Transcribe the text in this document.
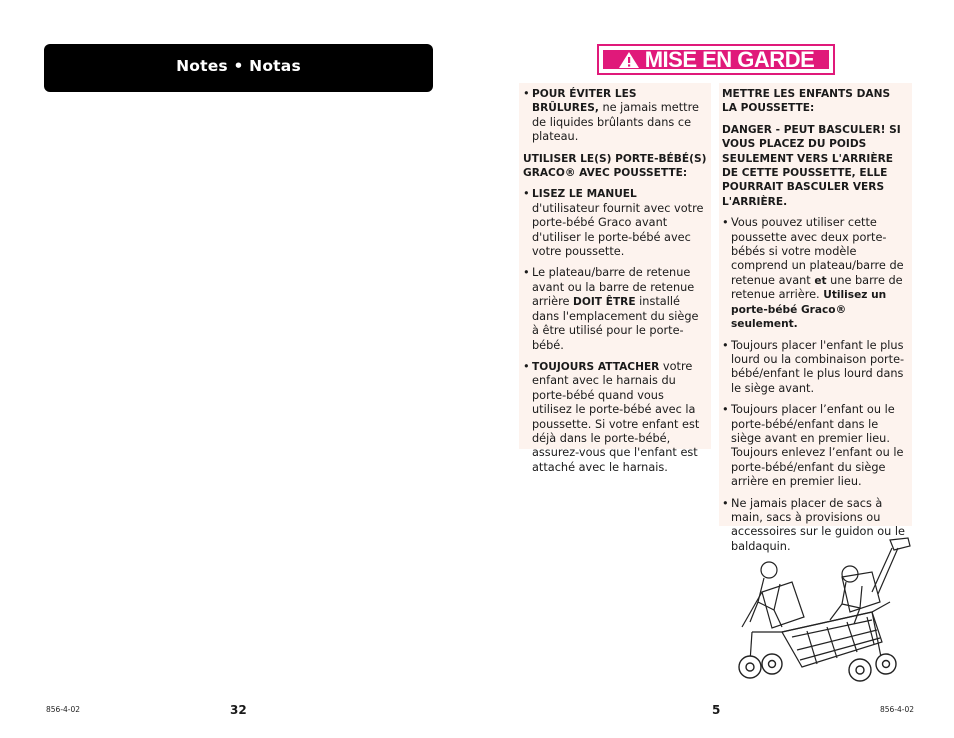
Notes • Notas
856-4-02	32
MISE EN GARDE
• POUR ÉVITER LES BRÛLURES, ne jamais mettre de liquides brûlants dans ce plateau.
UTILISER LE(S) PORTE-BÉBÉ(S) GRACO® AVEC POUSSETTE:
• LISEZ LE MANUEL d'utilisateur fournit avec votre porte-bébé Graco avant d'utiliser le porte-bébé avec votre poussette.
• Le plateau/barre de retenue avant ou la barre de retenue arrière DOIT ÊTRE installé dans l'emplacement du siège à être utilisé pour le porte-bébé.
• TOUJOURS ATTACHER votre enfant avec le harnais du porte-bébé quand vous utilisez le porte-bébé avec la poussette. Si votre enfant est déjà dans le porte-bébé, assurez-vous que l'enfant est attaché avec le harnais.
METTRE LES ENFANTS DANS LA POUSSETTE:
DANGER - PEUT BASCULER! SI VOUS PLACEZ DU POIDS SEULEMENT VERS L'ARRIÈRE DE CETTE POUSSETTE, ELLE POURRAIT BASCULER VERS L'ARRIÈRE.
• Vous pouvez utiliser cette poussette avec deux porte-bébés si votre modèle comprend un plateau/barre de retenue avant et une barre de retenue arrière. Utilisez un porte-bébé Graco® seulement.
• Toujours placer l'enfant le plus lourd ou la combinaison porte-bébé/enfant le plus lourd dans le siège avant.
• Toujours placer l’enfant ou le porte-bébé/enfant dans le siège avant en premier lieu. Toujours enlevez l’enfant ou le porte-bébé/enfant du siège arrière en premier lieu.
• Ne jamais placer de sacs à main, sacs à provisions ou accessoires sur le guidon ou le baldaquin.
5	856-4-02
